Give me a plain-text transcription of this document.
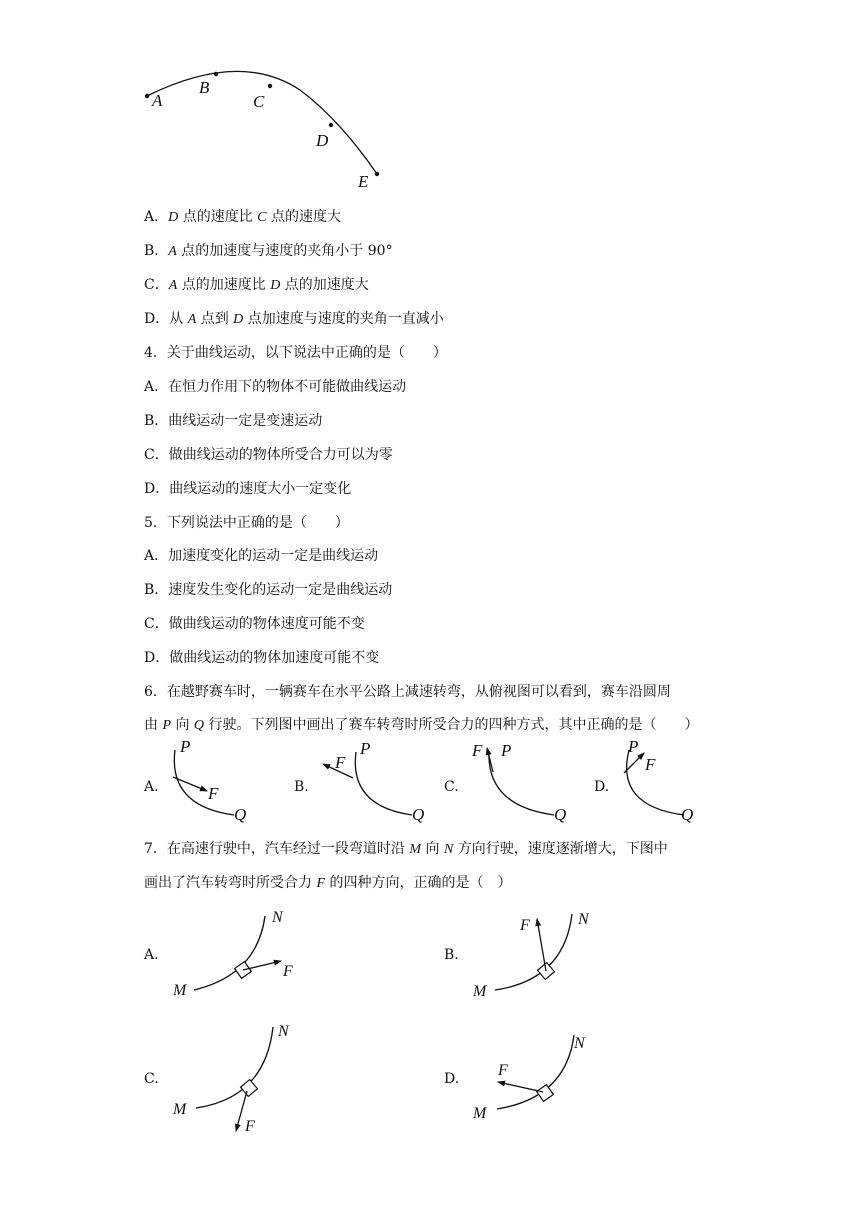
A
B
C
D
E
A．D 点的速度比 C 点的速度大
B．A 点的加速度与速度的夹角小于 90°
C．A 点的加速度比 D 点的加速度大
D．从 A 点到 D 点加速度与速度的夹角一直减小
4．关于曲线运动，以下说法中正确的是（　　）
A．在恒力作用下的物体不可能做曲线运动
B．曲线运动一定是变速运动
C．做曲线运动的物体所受合力可以为零
D．曲线运动的速度大小一定变化
5．下列说法中正确的是（　　）
A．加速度变化的运动一定是曲线运动
B．速度发生变化的运动一定是曲线运动
C．做曲线运动的物体速度可能不变
D．做曲线运动的物体加速度可能不变
6．在越野赛车时，一辆赛车在水平公路上减速转弯，从俯视图可以看到，赛车沿圆周
由 P 向 Q 行驶。下列图中画出了赛车转弯时所受合力的四种方式，其中正确的是（　　）
A.	B.	C.	D.
P
F
Q
F
P
Q
F P
Q
P
F
Q
7．在高速行驶中，汽车经过一段弯道时沿 M 向 N 方向行驶，速度逐渐增大，下图中
画出了汽车转弯时所受合力 F 的四种方向，正确的是（　）
A.	B.
C.	D.
N
F
M
F	N
M
N
M
F
N
F
M
